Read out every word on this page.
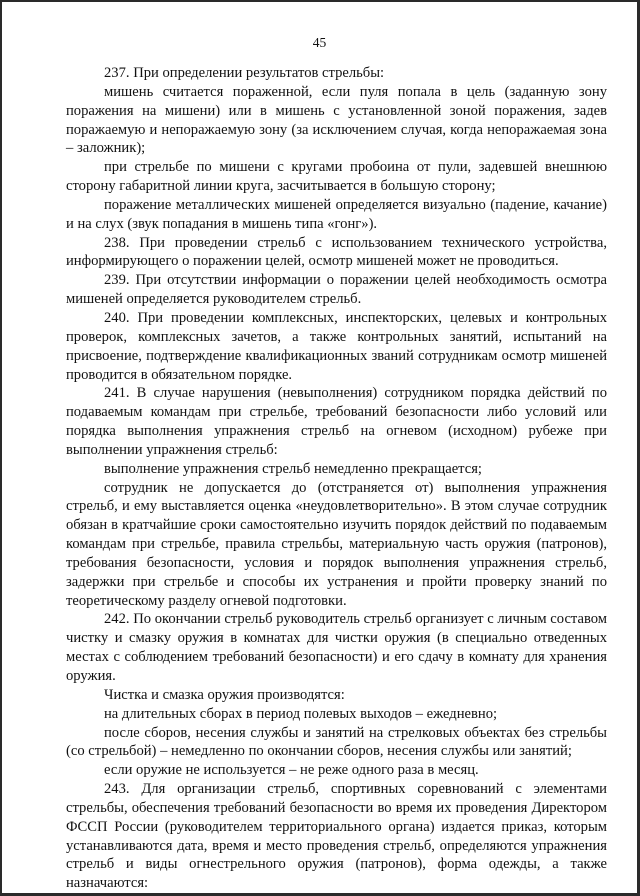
45

237. При определении результатов стрельбы:

мишень считается пораженной, если пуля попала в цель (заданную зону поражения на мишени) или в мишень с установленной зоной поражения, задев поражаемую и непоражаемую зону (за исключением случая, когда непоражаемая зона – заложник);

при стрельбе по мишени с кругами пробоина от пули, задевшей внешнюю сторону габаритной линии круга, засчитывается в большую сторону;

поражение металлических мишеней определяется визуально (падение, качание) и на слух (звук попадания в мишень типа «гонг»).

238. При проведении стрельб с использованием технического устройства, информирующего о поражении целей, осмотр мишеней может не проводиться.

239. При отсутствии информации о поражении целей необходимость осмотра мишеней определяется руководителем стрельб.

240. При проведении комплексных, инспекторских, целевых и контрольных проверок, комплексных зачетов, а также контрольных занятий, испытаний на присвоение, подтверждение квалификационных званий сотрудникам осмотр мишеней проводится в обязательном порядке.

241. В случае нарушения (невыполнения) сотрудником порядка действий по подаваемым командам при стрельбе, требований безопасности либо условий или порядка выполнения упражнения стрельб на огневом (исходном) рубеже при выполнении упражнения стрельб:

выполнение упражнения стрельб немедленно прекращается;

сотрудник не допускается до (отстраняется от) выполнения упражнения стрельб, и ему выставляется оценка «неудовлетворительно». В этом случае сотрудник обязан в кратчайшие сроки самостоятельно изучить порядок действий по подаваемым командам при стрельбе, правила стрельбы, материальную часть оружия (патронов), требования безопасности, условия и порядок выполнения упражнения стрельб, задержки при стрельбе и способы их устранения и пройти проверку знаний по теоретическому разделу огневой подготовки.

242. По окончании стрельб руководитель стрельб организует с личным составом чистку и смазку оружия в комнатах для чистки оружия (в специально отведенных местах с соблюдением требований безопасности) и его сдачу в комнату для хранения оружия.

Чистка и смазка оружия производятся:

на длительных сборах в период полевых выходов – ежедневно;

после сборов, несения службы и занятий на стрелковых объектах без стрельбы (со стрельбой) – немедленно по окончании сборов, несения службы или занятий;

если оружие не используется – не реже одного раза в месяц.

243. Для организации стрельб, спортивных соревнований с элементами стрельбы, обеспечения требований безопасности во время их проведения Директором ФССП России (руководителем территориального органа) издается приказ, которым устанавливаются дата, время и место проведения стрельб, определяются упражнения стрельб и виды огнестрельного оружия (патронов), форма одежды, а также назначаются:
